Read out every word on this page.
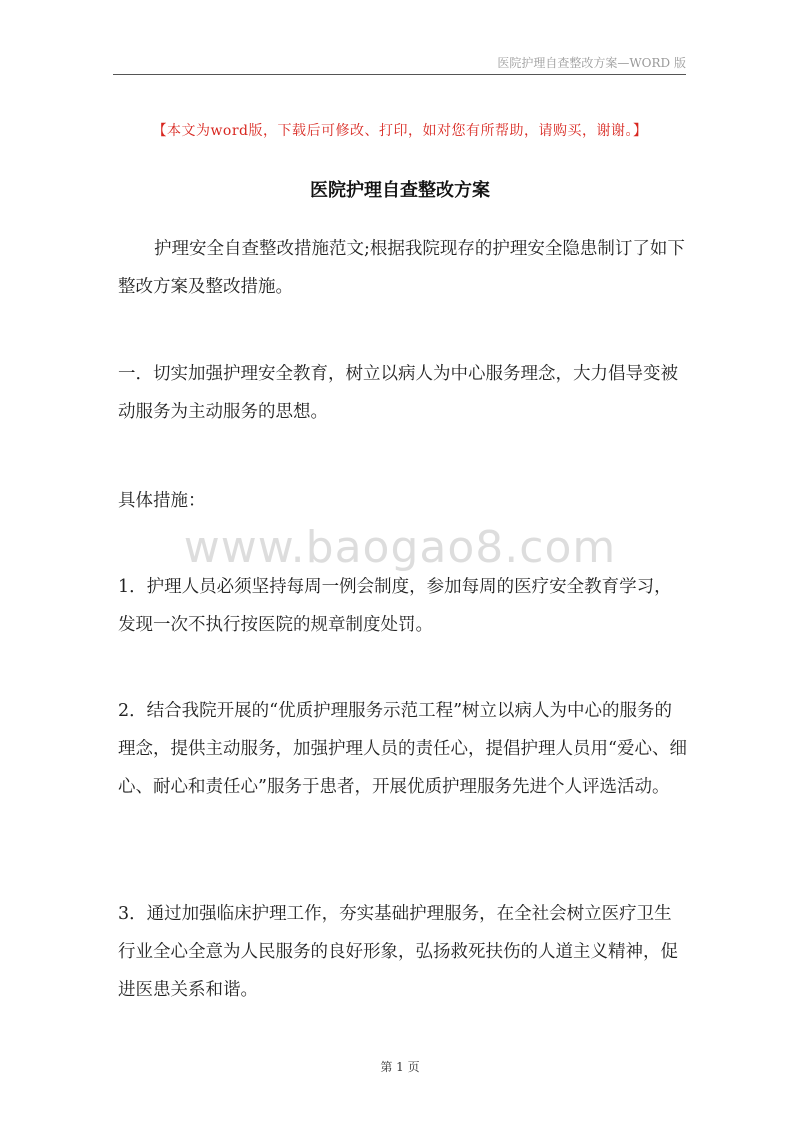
医院护理自查整改方案—WORD 版
【本文为word版，下载后可修改、打印，如对您有所帮助，请购买，谢谢。】
医院护理自查整改方案

护理安全自查整改措施范文;根据我院现存的护理安全隐患制订了如下整改方案及整改措施。

一．切实加强护理安全教育，树立以病人为中心服务理念，大力倡导变被动服务为主动服务的思想。

具体措施：

www.baogao8.com

1．护理人员必须坚持每周一例会制度，参加每周的医疗安全教育学习，发现一次不执行按医院的规章制度处罚。

2．结合我院开展的“优质护理服务示范工程”树立以病人为中心的服务的理念，提供主动服务，加强护理人员的责任心，提倡护理人员用“爱心、细心、耐心和责任心”服务于患者，开展优质护理服务先进个人评选活动。

3．通过加强临床护理工作，夯实基础护理服务，在全社会树立医疗卫生行业全心全意为人民服务的良好形象，弘扬救死扶伤的人道主义精神，促进医患关系和谐。

第 1 页
